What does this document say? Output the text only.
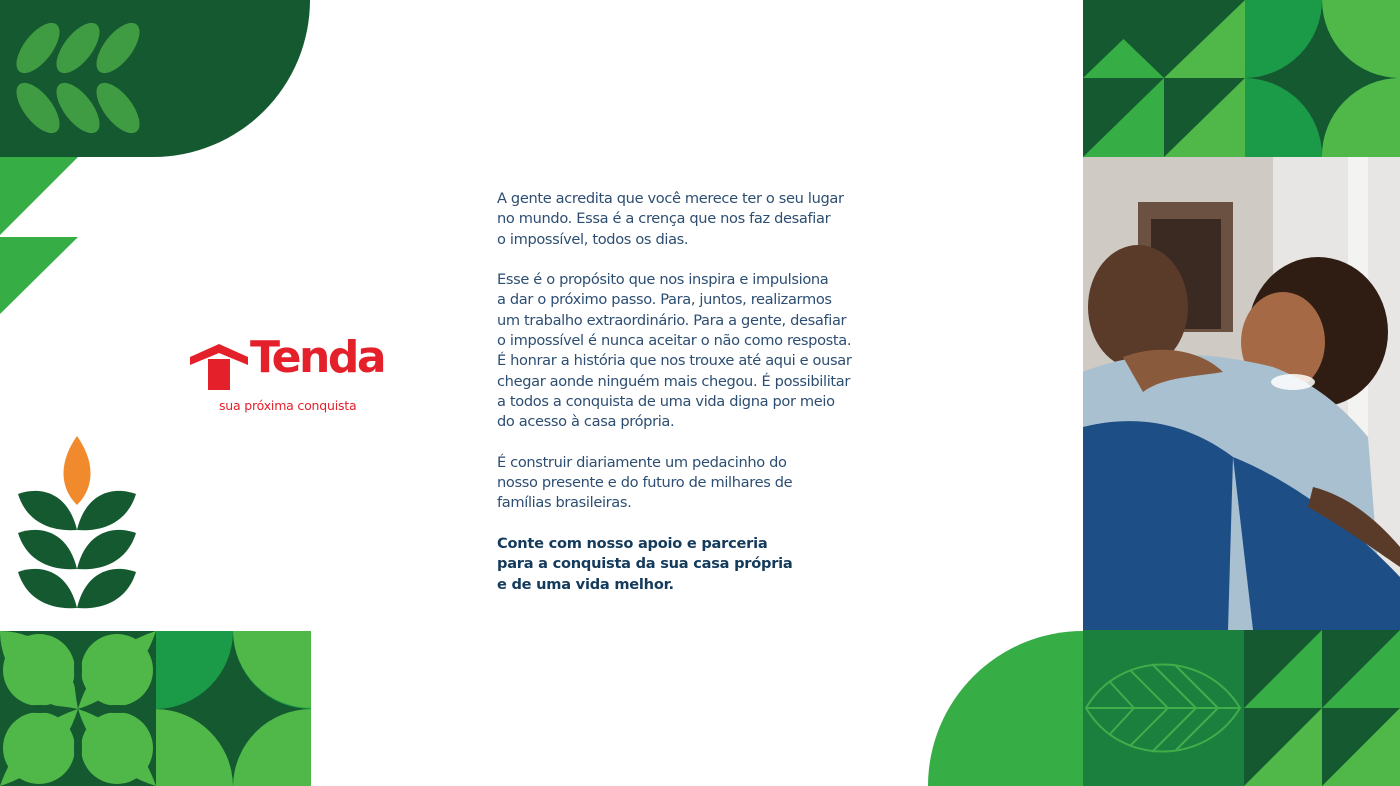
Tenda
sua próxima conquista

A gente acredita que você merece ter o seu lugar
no mundo. Essa é a crença que nos faz desafiar
o impossível, todos os dias.

Esse é o propósito que nos inspira e impulsiona
a dar o próximo passo. Para, juntos, realizarmos
um trabalho extraordinário. Para a gente, desafiar
o impossível é nunca aceitar o não como resposta.
É honrar a história que nos trouxe até aqui e ousar
chegar aonde ninguém mais chegou. É possibilitar
a todos a conquista de uma vida digna por meio
do acesso à casa própria.

É construir diariamente um pedacinho do
nosso presente e do futuro de milhares de
famílias brasileiras.

Conte com nosso apoio e parceria
para a conquista da sua casa própria
e de uma vida melhor.
